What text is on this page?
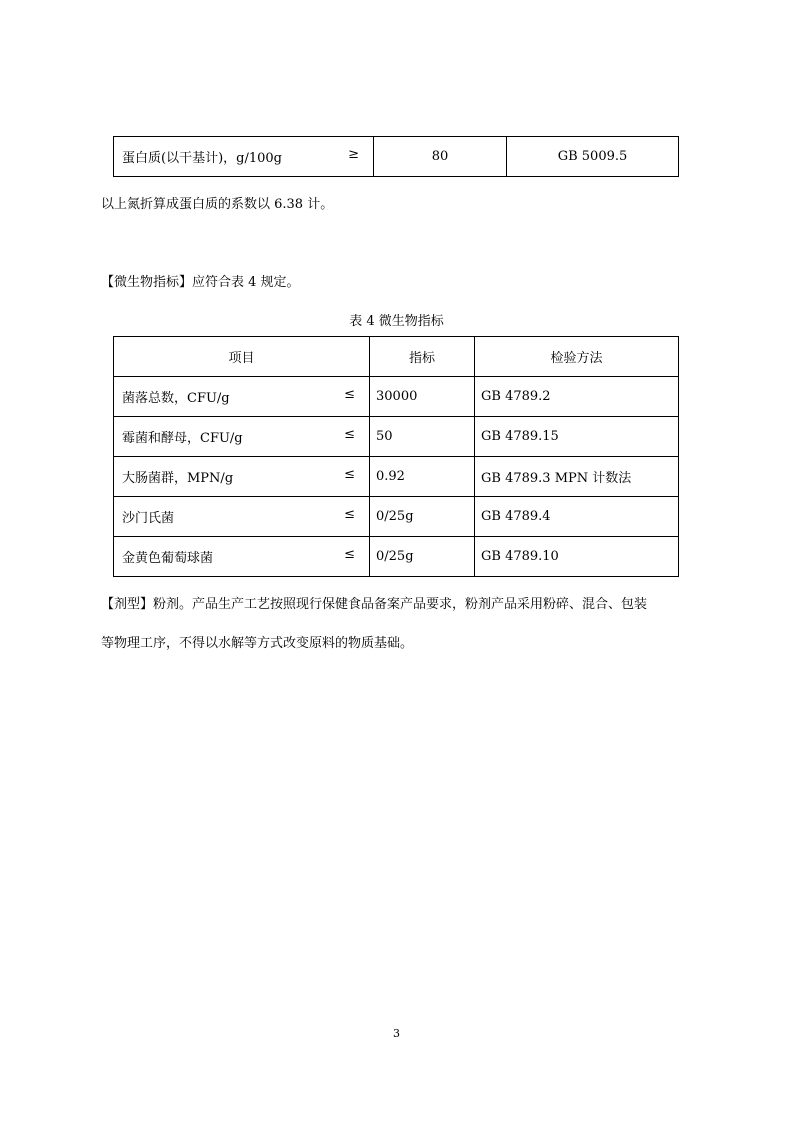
蛋白质(以干基计)，g/100g	≥	80	GB 5009.5
以上氮折算成蛋白质的系数以 6.38 计。
【微生物指标】应符合表 4 规定。
表 4 微生物指标
项目	指标	检验方法
菌落总数，CFU/g ≤	30000	GB 4789.2
霉菌和酵母，CFU/g ≤	50	GB 4789.15
大肠菌群，MPN/g ≤	0.92	GB 4789.3 MPN 计数法
沙门氏菌 ≤	0/25g	GB 4789.4
金黄色葡萄球菌 ≤	0/25g	GB 4789.10
【剂型】粉剂。产品生产工艺按照现行保健食品备案产品要求，粉剂产品采用粉碎、混合、包装
等物理工序，不得以水解等方式改变原料的物质基础。
3
